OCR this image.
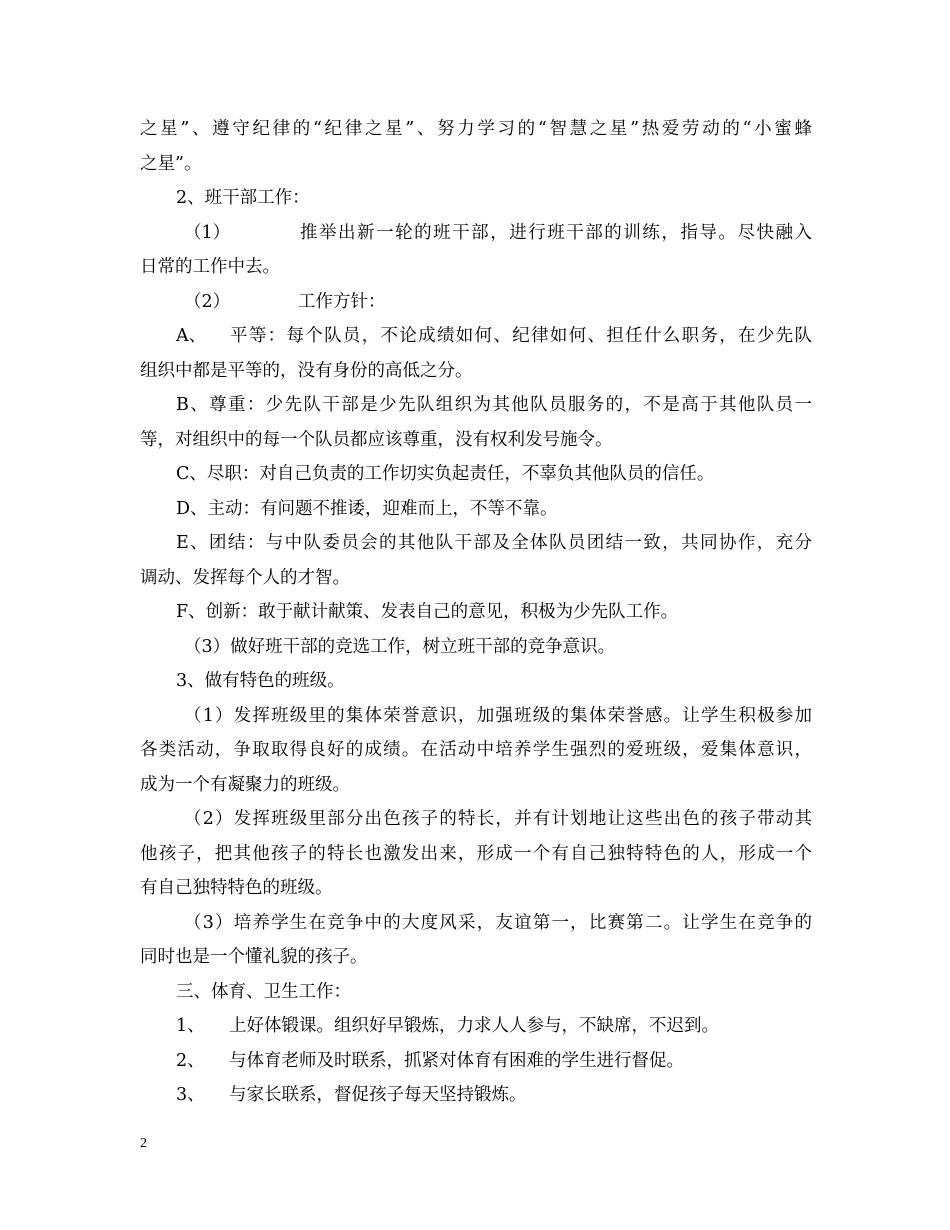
之星”、遵守纪律的“纪律之星”、努力学习的“智慧之星”热爱劳动的“小蜜蜂
之星”。
2、班干部工作：
（1）	推举出新一轮的班干部，进行班干部的训练，指导。尽快融入
日常的工作中去。
（2）	工作方针：
A、 平等：每个队员，不论成绩如何、纪律如何、担任什么职务，在少先队
组织中都是平等的，没有身份的高低之分。
B、尊重：少先队干部是少先队组织为其他队员服务的，不是高于其他队员一
等，对组织中的每一个队员都应该尊重，没有权利发号施令。
C、尽职：对自己负责的工作切实负起责任，不辜负其他队员的信任。
D、主动：有问题不推诿，迎难而上，不等不靠。
E、团结：与中队委员会的其他队干部及全体队员团结一致，共同协作，充分
调动、发挥每个人的才智。
F、创新：敢于献计献策、发表自己的意见，积极为少先队工作。
（3）做好班干部的竞选工作，树立班干部的竞争意识。
3、做有特色的班级。
（1）发挥班级里的集体荣誉意识，加强班级的集体荣誉感。让学生积极参加
各类活动，争取取得良好的成绩。在活动中培养学生强烈的爱班级，爱集体意识，
成为一个有凝聚力的班级。
（2）发挥班级里部分出色孩子的特长，并有计划地让这些出色的孩子带动其
他孩子，把其他孩子的特长也激发出来，形成一个有自己独特特色的人，形成一个
有自己独特特色的班级。
（3）培养学生在竞争中的大度风采，友谊第一，比赛第二。让学生在竞争的
同时也是一个懂礼貌的孩子。
三、体育、卫生工作：
1、 上好体锻课。组织好早锻炼，力求人人参与，不缺席，不迟到。
2、 与体育老师及时联系，抓紧对体育有困难的学生进行督促。
3、 与家长联系，督促孩子每天坚持锻炼。
2
